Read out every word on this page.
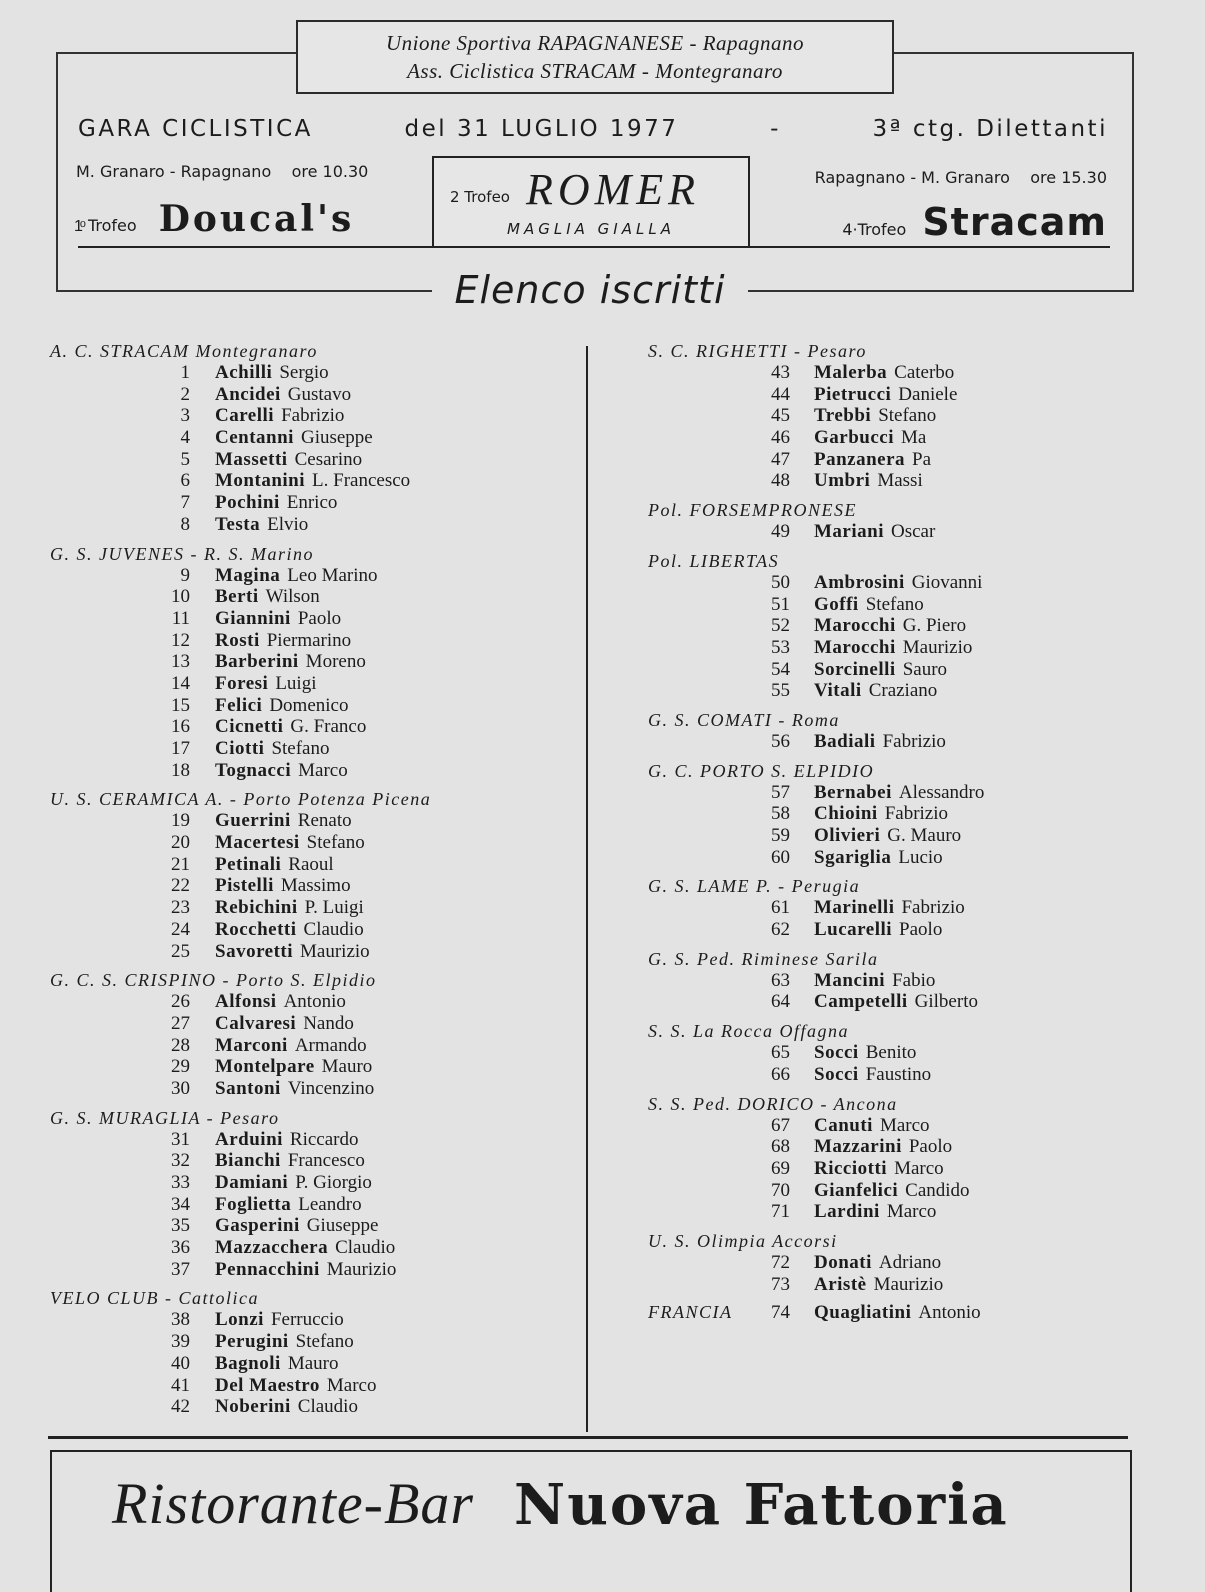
Unione Sportiva RAPAGNANESE - Rapagnano
Ass. Ciclistica STRACAM - Montegranaro
GARA CICLISTICA	del 31 LUGLIO 1977	-	3ª ctg. Dilettanti
M. Granaro - Rapagnano ore 10.30
1ͦ Trofeo Doucal's
2 Trofeo ROMER
MAGLIA GIALLA
Rapagnano - M. Granaro ore 15.30
4·Trofeo Stracam
Elenco iscritti
A. C. STRACAM Montegranaro
1 Achilli Sergio
2 Ancidei Gustavo
3 Carelli Fabrizio
4 Centanni Giuseppe
5 Massetti Cesarino
6 Montanini L. Francesco
7 Pochini Enrico
8 Testa Elvio
G. S. JUVENES - R. S. Marino
9 Magina Leo Marino
10 Berti Wilson
11 Giannini Paolo
12 Rosti Piermarino
13 Barberini Moreno
14 Foresi Luigi
15 Felici Domenico
16 Cicnetti G. Franco
17 Ciotti Stefano
18 Tognacci Marco
U. S. CERAMICA A. - Porto Potenza Picena
19 Guerrini Renato
20 Macertesi Stefano
21 Petinali Raoul
22 Pistelli Massimo
23 Rebichini P. Luigi
24 Rocchetti Claudio
25 Savoretti Maurizio
G. C. S. CRISPINO - Porto S. Elpidio
26 Alfonsi Antonio
27 Calvaresi Nando
28 Marconi Armando
29 Montelpare Mauro
30 Santoni Vincenzino
G. S. MURAGLIA - Pesaro
31 Arduini Riccardo
32 Bianchi Francesco
33 Damiani P. Giorgio
34 Foglietta Leandro
35 Gasperini Giuseppe
36 Mazzacchera Claudio
37 Pennacchini Maurizio
VELO CLUB - Cattolica
38 Lonzi Ferruccio
39 Perugini Stefano
40 Bagnoli Mauro
41 Del Maestro Marco
42 Noberini Claudio
S. C. RIGHETTI - Pesaro
43 Malerba Caterbo
44 Pietrucci Daniele
45 Trebbi Stefano
46 Garbucci Ma
47 Panzanera Pa
48 Umbri Massi
Pol. FORSEMPRONESE
49 Mariani Oscar
Pol. LIBERTAS
50 Ambrosini Giovanni
51 Goffi Stefano
52 Marocchi G. Piero
53 Marocchi Maurizio
54 Sorcinelli Sauro
55 Vitali Craziano
G. S. COMATI - Roma
56 Badiali Fabrizio
G. C. PORTO S. ELPIDIO
57 Bernabei Alessandro
58 Chioini Fabrizio
59 Olivieri G. Mauro
60 Sgariglia Lucio
G. S. LAME P. - Perugia
61 Marinelli Fabrizio
62 Lucarelli Paolo
G. S. Ped. Riminese Sarila
63 Mancini Fabio
64 Campetelli Gilberto
S. S. La Rocca Offagna
65 Socci Benito
66 Socci Faustino
S. S. Ped. DORICO - Ancona
67 Canuti Marco
68 Mazzarini Paolo
69 Ricciotti Marco
70 Gianfelici Candido
71 Lardini Marco
U. S. Olimpia Accorsi
72 Donati Adriano
73 Aristè Maurizio
FRANCIA	74 Quagliatini Antonio
Ristorante-Bar Nuova Fattoria
